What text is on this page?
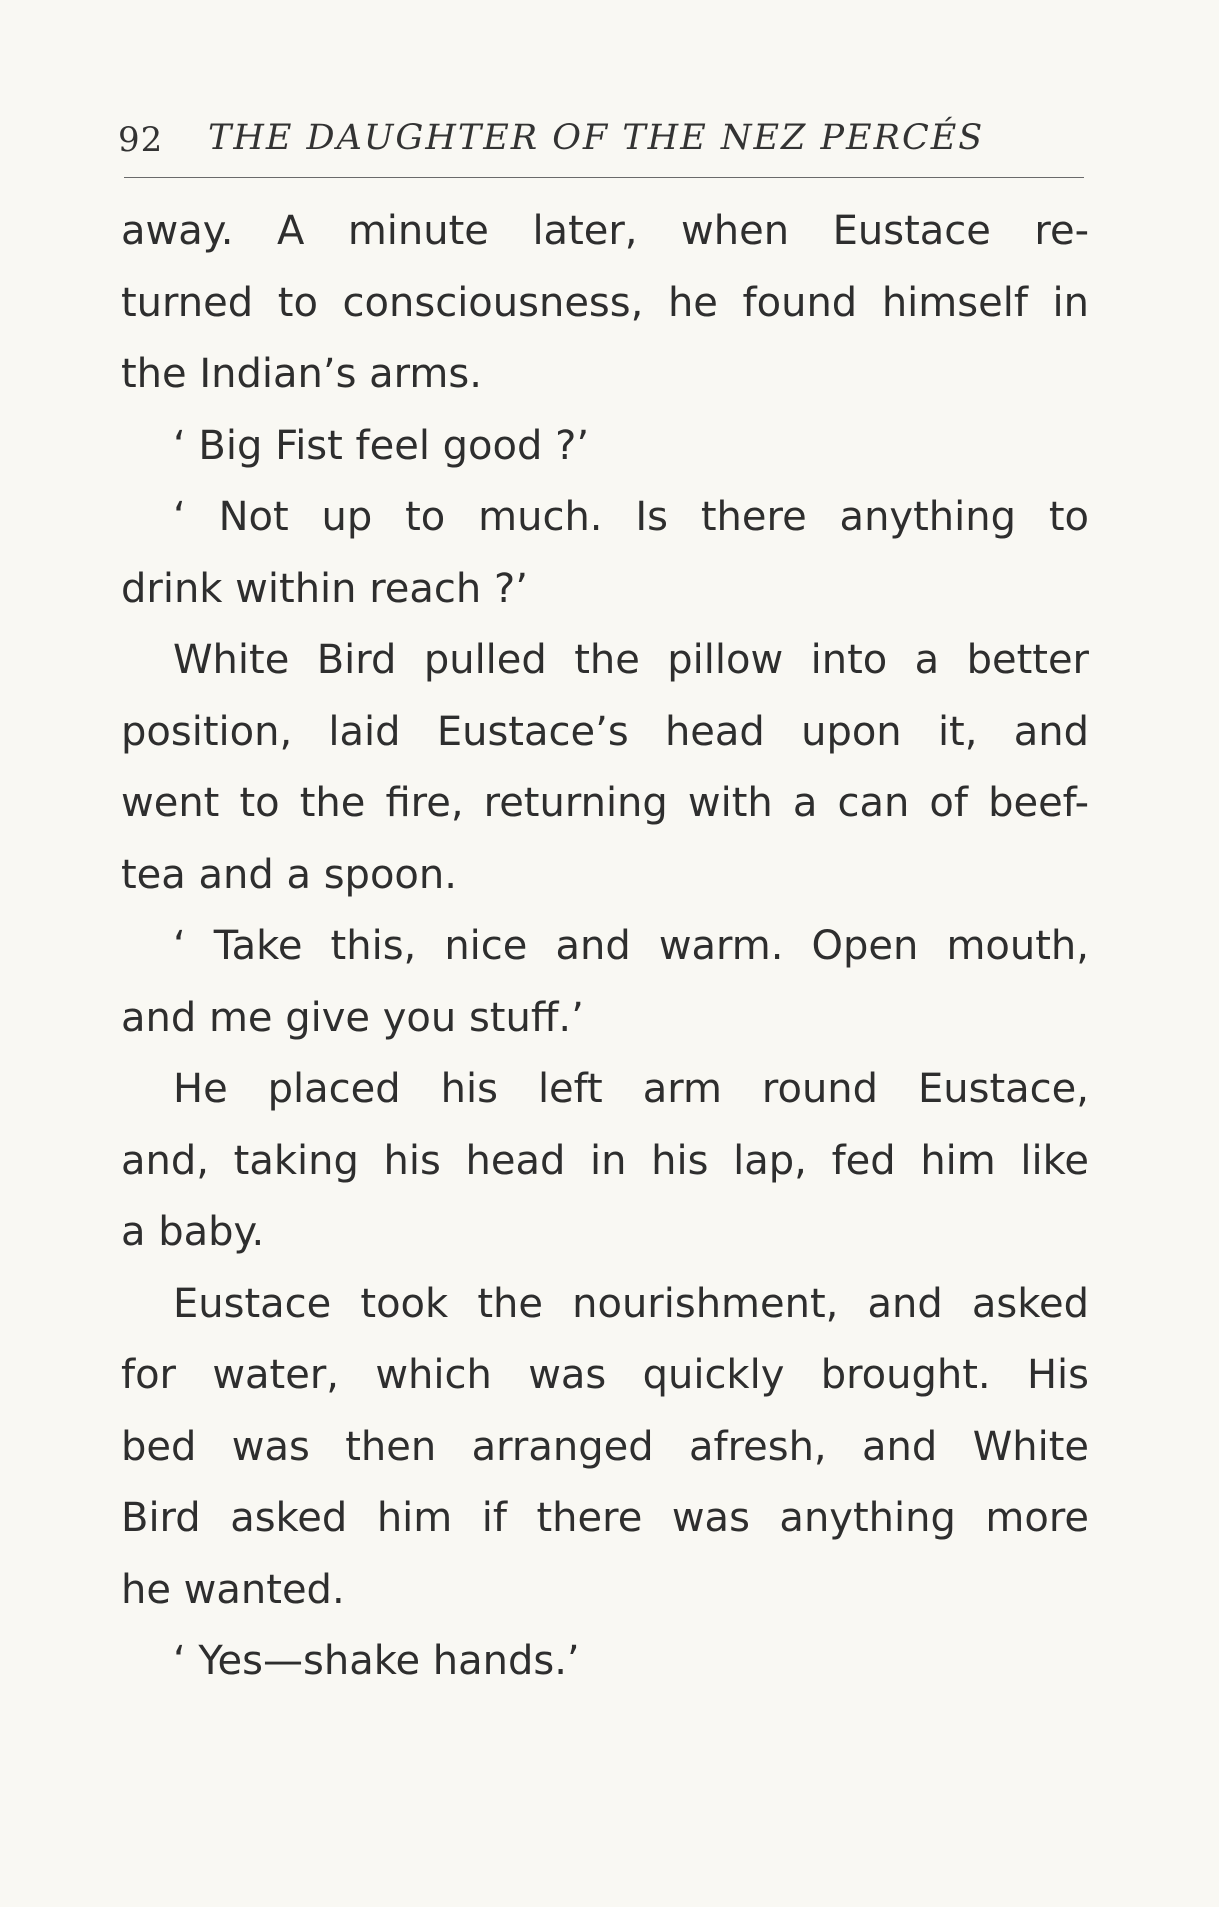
92 THE DAUGHTER OF THE NEZ PERCÉS
away. A minute later, when Eustace re-
turned to consciousness, he found himself in
the Indian’s arms.
‘ Big Fist feel good ?’
‘ Not up to much. Is there anything to
drink within reach ?’
White Bird pulled the pillow into a better
position, laid Eustace’s head upon it, and
went to the fire, returning with a can of beef-
tea and a spoon.
‘ Take this, nice and warm. Open mouth,
and me give you stuff.’
He placed his left arm round Eustace,
and, taking his head in his lap, fed him like
a baby.
Eustace took the nourishment, and asked
for water, which was quickly brought. His
bed was then arranged afresh, and White
Bird asked him if there was anything more
he wanted.
‘ Yes—shake hands.’
